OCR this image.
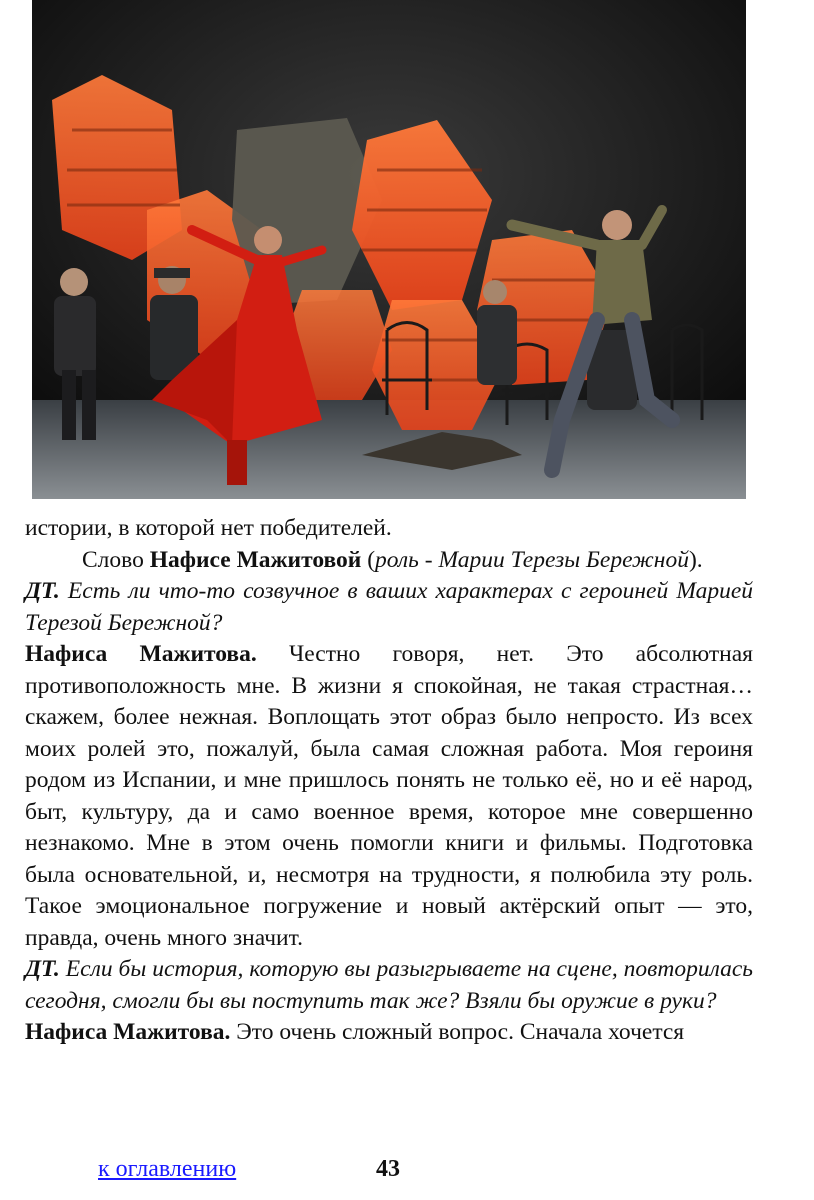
истории, в которой нет победителей.

Слово Нафисе Мажитовой (роль - Марии Терезы Бережной).

ДТ. Есть ли что-то созвучное в ваших характерах с героиней Марией Терезой Бережной?

Нафиса Мажитова. Честно говоря, нет. Это абсолютная противоположность мне. В жизни я спокойная, не такая страстная… скажем, более нежная. Воплощать этот образ было непросто. Из всех моих ролей это, пожалуй, была самая сложная работа. Моя героиня родом из Испании, и мне пришлось понять не только её, но и её народ, быт, культуру, да и само военное время, которое мне совершенно незнакомо. Мне в этом очень помогли книги и фильмы. Подготовка была основательной, и, несмотря на трудности, я полюбила эту роль. Такое эмоциональное погружение и новый актёрский опыт — это, правда, очень много значит.

ДТ. Если бы история, которую вы разыгрываете на сцене, повторилась сегодня, смогли бы вы поступить так же? Взяли бы оружие в руки?

Нафиса Мажитова. Это очень сложный вопрос. Сначала хочется

к оглавлению	43
